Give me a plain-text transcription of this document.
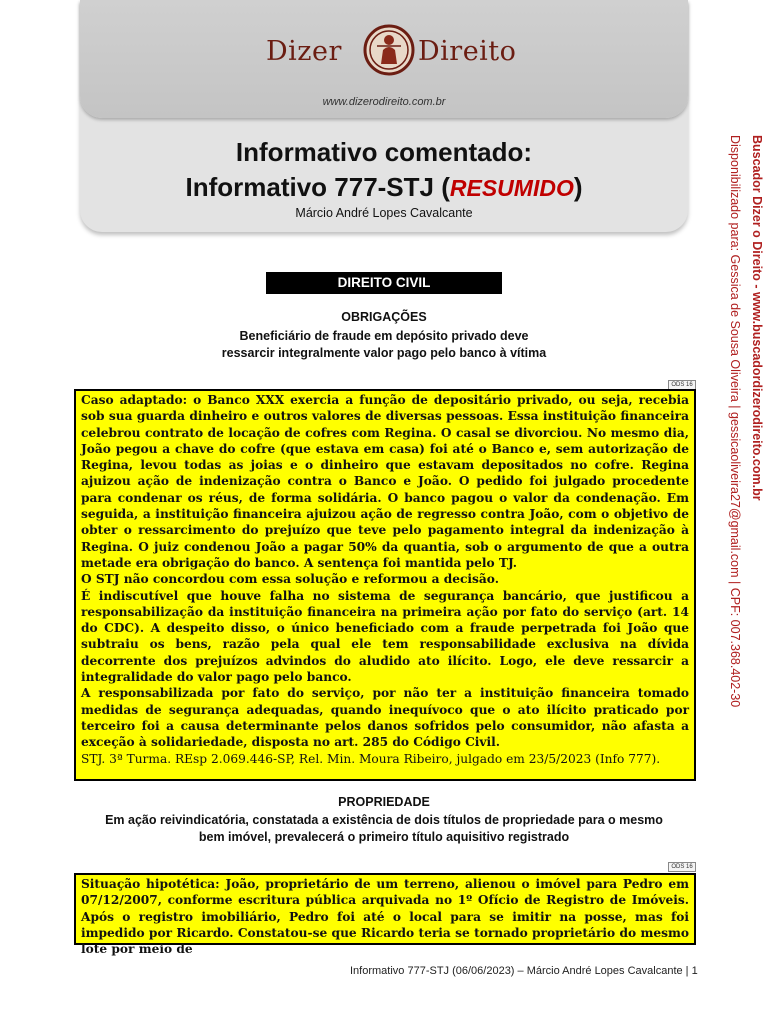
Dizer	Direito
www.dizerodireito.com.br
Informativo comentado:
Informativo 777-STJ (RESUMIDO)
Márcio André Lopes Cavalcante	Buscador Dizer o Direito - www.buscadordizerodireito.com.br
Disponibilizado para: Gessica de Sousa Oliveira | gessicaoliveira27@gmail.com | CPF: 007.368.402-30
DIREITO CIVIL
OBRIGAÇÕES
Beneficiário de fraude em depósito privado deve
ressarcir integralmente valor pago pelo banco à vítima
ODS 16

Caso adaptado: o Banco XXX exercia a função de depositário privado, ou seja, recebia sob sua guarda dinheiro e outros valores de diversas pessoas. Essa instituição financeira celebrou contrato de locação de cofres com Regina. O casal se divorciou. No mesmo dia, João pegou a chave do cofre (que estava em casa) foi até o Banco e, sem autorização de Regina, levou todas as joias e o dinheiro que estavam depositados no cofre. Regina ajuizou ação de indenização contra o Banco e João. O pedido foi julgado procedente para condenar os réus, de forma solidária. O banco pagou o valor da condenação. Em seguida, a instituição financeira ajuizou ação de regresso contra João, com o objetivo de obter o ressarcimento do prejuízo que teve pelo pagamento integral da indenização à Regina. O juiz condenou João a pagar 50% da quantia, sob o argumento de que a outra metade era obrigação do banco. A sentença foi mantida pelo TJ.

O STJ não concordou com essa solução e reformou a decisão.

É indiscutível que houve falha no sistema de segurança bancário, que justificou a responsabilização da instituição financeira na primeira ação por fato do serviço (art. 14 do CDC). A despeito disso, o único beneficiado com a fraude perpetrada foi João que subtraiu os bens, razão pela qual ele tem responsabilidade exclusiva na dívida decorrente dos prejuízos advindos do aludido ato ilícito. Logo, ele deve ressarcir a integralidade do valor pago pelo banco.

A responsabilizada por fato do serviço, por não ter a instituição financeira tomado medidas de segurança adequadas, quando inequívoco que o ato ilícito praticado por terceiro foi a causa determinante pelos danos sofridos pelo consumidor, não afasta a exceção à solidariedade, disposta no art. 285 do Código Civil.

STJ. 3ª Turma. REsp 2.069.446-SP, Rel. Min. Moura Ribeiro, julgado em 23/5/2023 (Info 777).

PROPRIEDADE
Em ação reivindicatória, constatada a existência de dois títulos de propriedade para o mesmo
bem imóvel, prevalecerá o primeiro título aquisitivo registrado
ODS 16

Situação hipotética: João, proprietário de um terreno, alienou o imóvel para Pedro em 07/12/2007, conforme escritura pública arquivada no 1º Ofício de Registro de Imóveis. Após o registro imobiliário, Pedro foi até o local para se imitir na posse, mas foi impedido por Ricardo. Constatou-se que Ricardo teria se tornado proprietário do mesmo lote por meio de

Informativo 777-STJ (06/06/2023) – Márcio André Lopes Cavalcante | 1
